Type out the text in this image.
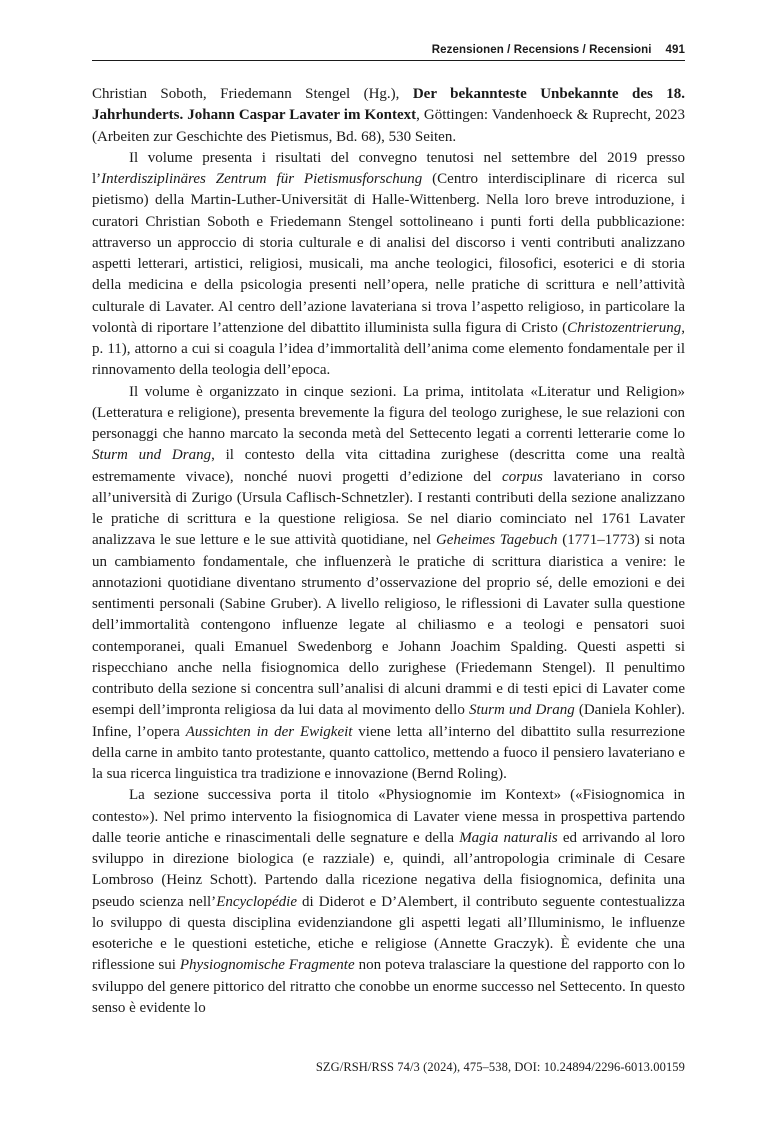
Rezensionen / Recensions / Recensioni 491

Christian Soboth, Friedemann Stengel (Hg.), Der bekannteste Unbekannte des 18. Jahrhunderts. Johann Caspar Lavater im Kontext, Göttingen: Vandenhoeck & Ruprecht, 2023 (Arbeiten zur Geschichte des Pietismus, Bd. 68), 530 Seiten.

Il volume presenta i risultati del convegno tenutosi nel settembre del 2019 presso l’Interdisziplinäres Zentrum für Pietismusforschung (Centro interdisciplinare di ricerca sul pietismo) della Martin-Luther-Universität di Halle-Wittenberg. Nella loro breve introduzione, i curatori Christian Soboth e Friedemann Stengel sottolineano i punti forti della pubblicazione: attraverso un approccio di storia culturale e di analisi del discorso i venti contributi analizzano aspetti letterari, artistici, religiosi, musicali, ma anche teologici, filosofici, esoterici e di storia della medicina e della psicologia presenti nell’opera, nelle pratiche di scrittura e nell’attività culturale di Lavater. Al centro dell’azione lavateriana si trova l’aspetto religioso, in particolare la volontà di riportare l’attenzione del dibattito illuminista sulla figura di Cristo (Christozentrierung, p. 11), attorno a cui si coagula l’idea d’immortalità dell’anima come elemento fondamentale per il rinnovamento della teologia dell’epoca.

Il volume è organizzato in cinque sezioni. La prima, intitolata «Literatur und Religion» (Letteratura e religione), presenta brevemente la figura del teologo zurighese, le sue relazioni con personaggi che hanno marcato la seconda metà del Settecento legati a correnti letterarie come lo Sturm und Drang, il contesto della vita cittadina zurighese (descritta come una realtà estremamente vivace), nonché nuovi progetti d’edizione del corpus lavateriano in corso all’università di Zurigo (Ursula Caflisch-Schnetzler). I restanti contributi della sezione analizzano le pratiche di scrittura e la questione religiosa. Se nel diario cominciato nel 1761 Lavater analizzava le sue letture e le sue attività quotidiane, nel Geheimes Tagebuch (1771–1773) si nota un cambiamento fondamentale, che influenzerà le pratiche di scrittura diaristica a venire: le annotazioni quotidiane diventano strumento d’osservazione del proprio sé, delle emozioni e dei sentimenti personali (Sabine Gruber). A livello religioso, le riflessioni di Lavater sulla questione dell’immortalità contengono influenze legate al chiliasmo e a teologi e pensatori suoi contemporanei, quali Emanuel Swedenborg e Johann Joachim Spalding. Questi aspetti si rispecchiano anche nella fisiognomica dello zurighese (Friedemann Stengel). Il penultimo contributo della sezione si concentra sull’analisi di alcuni drammi e di testi epici di Lavater come esempi dell’impronta religiosa da lui data al movimento dello Sturm und Drang (Daniela Kohler). Infine, l’opera Aussichten in der Ewigkeit viene letta all’interno del dibattito sulla resurrezione della carne in ambito tanto protestante, quanto cattolico, mettendo a fuoco il pensiero lavateriano e la sua ricerca linguistica tra tradizione e innovazione (Bernd Roling).

La sezione successiva porta il titolo «Physiognomie im Kontext» («Fisiognomica in contesto»). Nel primo intervento la fisiognomica di Lavater viene messa in prospettiva partendo dalle teorie antiche e rinascimentali delle segnature e della Magia naturalis ed arrivando al loro sviluppo in direzione biologica (e razziale) e, quindi, all’antropologia criminale di Cesare Lombroso (Heinz Schott). Partendo dalla ricezione negativa della fisiognomica, definita una pseudo scienza nell’Encyclopédie di Diderot e D’Alembert, il contributo seguente contestualizza lo sviluppo di questa disciplina evidenziandone gli aspetti legati all’Illuminismo, le influenze esoteriche e le questioni estetiche, etiche e religiose (Annette Graczyk). È evidente che una riflessione sui Physiognomische Fragmente non poteva tralasciare la questione del rapporto con lo sviluppo del genere pittorico del ritratto che conobbe un enorme successo nel Settecento. In questo senso è evidente lo

SZG/RSH/RSS 74/3 (2024), 475–538, DOI: 10.24894/2296-6013.00159
